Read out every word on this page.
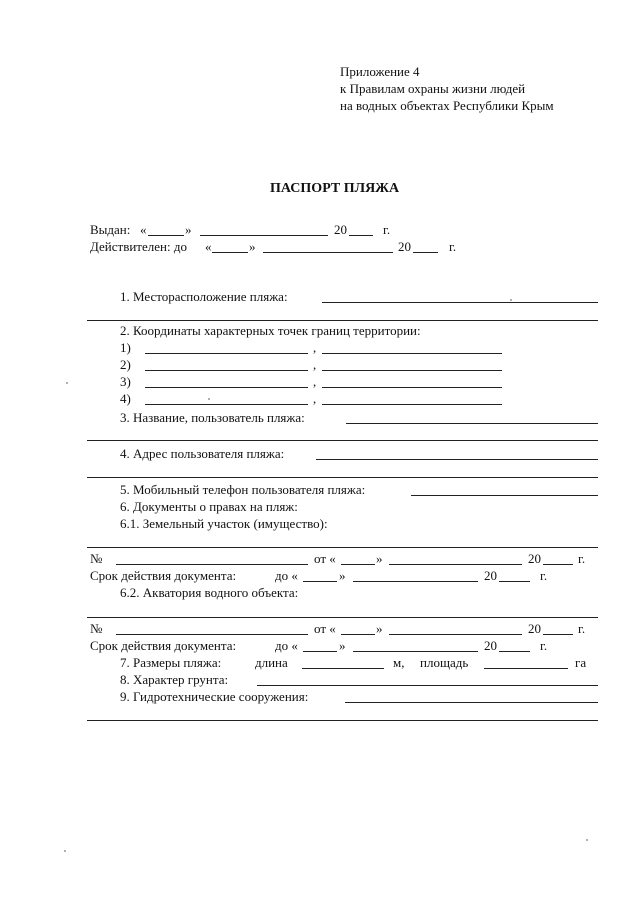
Приложение 4
к Правилам охраны жизни людей
на водных объектах Республики Крым
ПАСПОРТ ПЛЯЖА
Выдан: «	»	20	г.
Действителен: до «	»	20	г.
1. Месторасположение пляжа:
2. Координаты характерных точек границ территории:
1)	,
2)	,
3)	,
4)	,
3. Название, пользователь пляжа:
4. Адрес пользователя пляжа:
5. Мобильный телефон пользователя пляжа:
6. Документы о правах на пляж:
6.1. Земельный участок (имущество):
№	от «	»	20	г.
Срок действия документа:	до «	»	20	г.
6.2. Акватория водного объекта:
№	от «	»	20	г.
Срок действия документа:	до «	»	20	г.
7. Размеры пляжа:	длина	м, площадь	га
8. Характер грунта:
9. Гидротехнические сооружения:
